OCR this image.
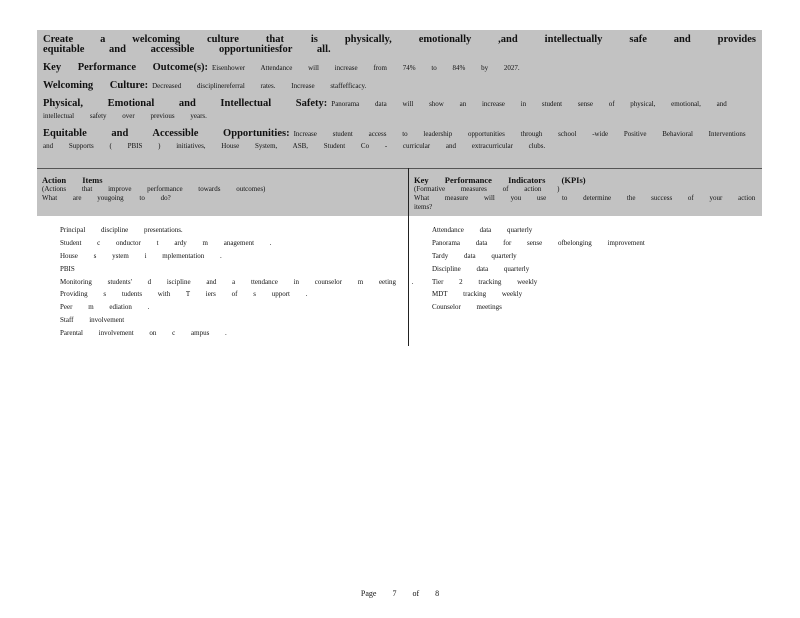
Create a welcoming culture that is physically, emotionally ,and intellectually safe and provides equitable and accessible opportunitiesfor all.

Key Performance Outcome(s): Eisenhower Attendance will increase from 74% to 84% by 2027.

Welcoming Culture: Decreased disciplinereferral rates. Increase staffefficacy.

Physical, Emotional and Intellectual Safety: Panorama data will show an increase in student sense of physical, emotional, and intellectual safety over previous years.

Equitable and Accessible Opportunities: Increase student access to leadership opportunities through school -wide Positive Behavioral Interventions and Supports ( PBIS ) initiatives, House System, ASB, Student Co - curricular and extracurricular clubs.

Action Items
(Actions that improve performance towards outcomes)
What are yougoing to do?
Key Performance Indicators (KPIs)
(Formative measures of action )
What measure will you use to determine the success of your action items?
Principal discipline presentations.
Student c onductor t ardy m anagement .
House s ystem i mplementation .
PBIS
Monitoring students' d iscipline and a ttendance in counselor m eeting .
Providing s tudents with T iers of s upport .
Peer m ediation .
Staff involvement
Parental involvement on c ampus .
Attendance data quarterly
Panorama data for sense ofbelonging improvement
Tardy data quarterly
Discipline data quarterly
Tier 2 tracking weekly
MDT tracking weekly
Counselor meetings
Page 7 of 8
